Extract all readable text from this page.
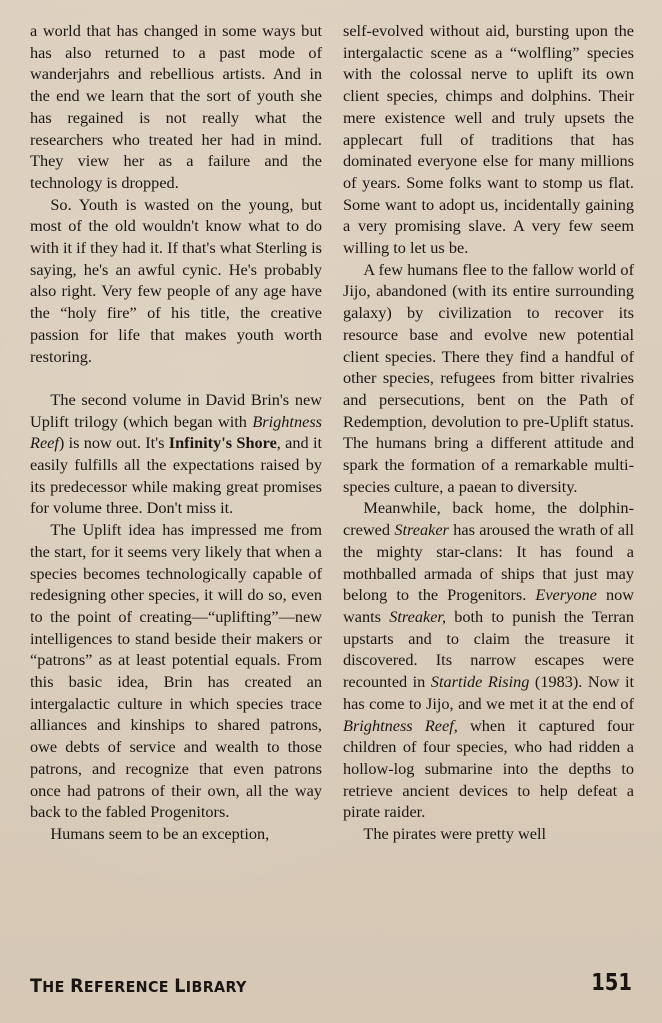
a world that has changed in some ways but has also returned to a past mode of wanderjahrs and rebellious artists. And in the end we learn that the sort of youth she has regained is not really what the researchers who treated her had in mind. They view her as a failure and the technology is dropped.

So. Youth is wasted on the young, but most of the old wouldn't know what to do with it if they had it. If that's what Sterling is saying, he's an awful cynic. He's probably also right. Very few people of any age have the “holy fire” of his title, the creative passion for life that makes youth worth restoring.

The second volume in David Brin's new Uplift trilogy (which began with Brightness Reef) is now out. It's Infinity's Shore, and it easily fulfills all the expectations raised by its predecessor while making great promises for volume three. Don't miss it.

The Uplift idea has impressed me from the start, for it seems very likely that when a species becomes technologically capable of redesigning other species, it will do so, even to the point of creating—“uplifting”—new intelligences to stand beside their makers or “patrons” as at least potential equals. From this basic idea, Brin has created an intergalactic culture in which species trace alliances and kinships to shared patrons, owe debts of service and wealth to those patrons, and recognize that even patrons once had patrons of their own, all the way back to the fabled Progenitors.

Humans seem to be an exception,

self-evolved without aid, bursting upon the intergalactic scene as a “wolfling” species with the colossal nerve to uplift its own client species, chimps and dolphins. Their mere existence well and truly upsets the applecart full of traditions that has dominated everyone else for many millions of years. Some folks want to stomp us flat. Some want to adopt us, incidentally gaining a very promising slave. A very few seem willing to let us be.

A few humans flee to the fallow world of Jijo, abandoned (with its entire surrounding galaxy) by civilization to recover its resource base and evolve new potential client species. There they find a handful of other species, refugees from bitter rivalries and persecutions, bent on the Path of Redemption, devolution to pre-Uplift status. The humans bring a different attitude and spark the formation of a remarkable multi-species culture, a paean to diversity.

Meanwhile, back home, the dolphin-crewed Streaker has aroused the wrath of all the mighty star-clans: It has found a mothballed armada of ships that just may belong to the Progenitors. Everyone now wants Streaker, both to punish the Terran upstarts and to claim the treasure it discovered. Its narrow escapes were recounted in Startide Rising (1983). Now it has come to Jijo, and we met it at the end of Brightness Reef, when it captured four children of four species, who had ridden a hollow-log submarine into the depths to retrieve ancient devices to help defeat a pirate raider.

The pirates were pretty well

THE REFERENCE LIBRARY	151
